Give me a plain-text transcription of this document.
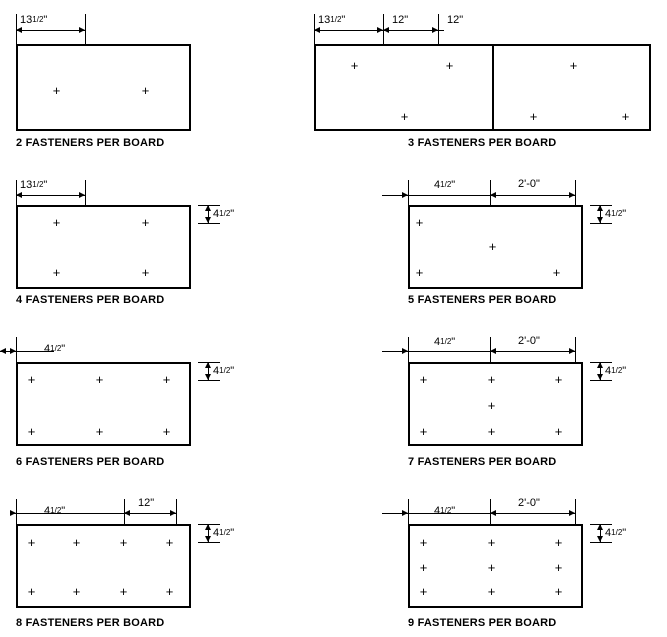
131/2"
+
+
2 FASTENERS PER BOARD
131/2"	12"	12"
+
+
+
+
+
+
3 FASTENERS PER BOARD
131/2"
+
+
+
+
41/2"
4 FASTENERS PER BOARD
41/2"	2'-0"
+
+
+
+
41/2"
5 FASTENERS PER BOARD
41/2"
+
+
+
+
+
+
41/2"
6 FASTENERS PER BOARD
41/2"	2'-0"
+
+
+
+
+
+
+
41/2"
7 FASTENERS PER BOARD
41/2"
12"
+
+
+
+
+
+
+
+
41/2"
8 FASTENERS PER BOARD
41/2"
2'-0"
+
+
+
+
+
+
+
+
+
41/2"
9 FASTENERS PER BOARD
